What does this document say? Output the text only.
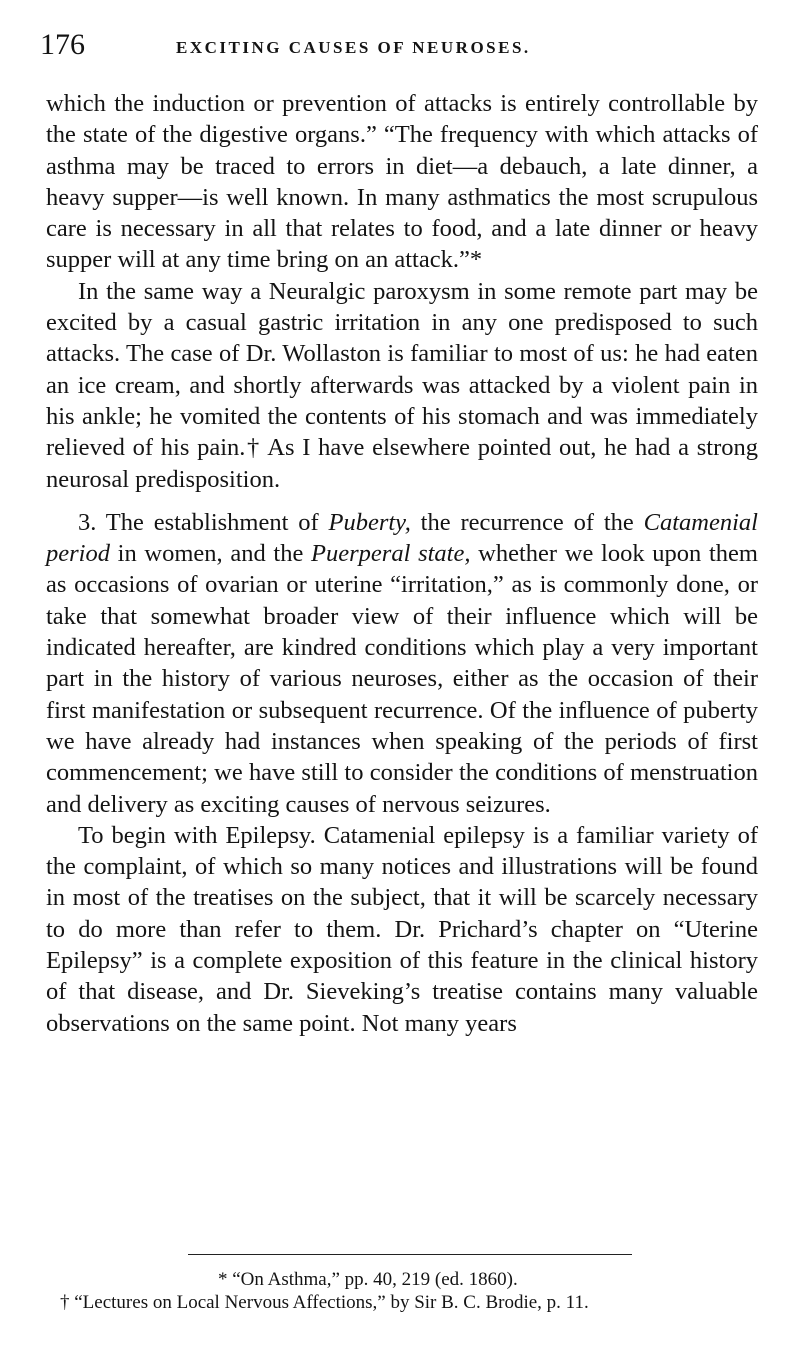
176	EXCITING CAUSES OF NEUROSES.

which the induction or prevention of attacks is entirely controllable by the state of the digestive organs.” “The frequency with which attacks of asthma may be traced to errors in diet—a debauch, a late dinner, a heavy supper—is well known. In many asthmatics the most scrupulous care is necessary in all that relates to food, and a late dinner or heavy supper will at any time bring on an attack.”*

In the same way a Neuralgic paroxysm in some remote part may be excited by a casual gastric irritation in any one predisposed to such attacks. The case of Dr. Wollaston is familiar to most of us: he had eaten an ice cream, and shortly afterwards was attacked by a violent pain in his ankle; he vomited the contents of his stomach and was immediately relieved of his pain.† As I have elsewhere pointed out, he had a strong neurosal predisposition.

3. The establishment of Puberty, the recurrence of the Catamenial period in women, and the Puerperal state, whether we look upon them as occasions of ovarian or uterine “irritation,” as is commonly done, or take that somewhat broader view of their influence which will be indicated hereafter, are kindred conditions which play a very important part in the history of various neuroses, either as the occasion of their first manifestation or subsequent recurrence. Of the influence of puberty we have already had instances when speaking of the periods of first commencement; we have still to consider the conditions of menstruation and delivery as exciting causes of nervous seizures.

To begin with Epilepsy. Catamenial epilepsy is a familiar variety of the complaint, of which so many notices and illustrations will be found in most of the treatises on the subject, that it will be scarcely necessary to do more than refer to them. Dr. Prichard’s chapter on “Uterine Epilepsy” is a complete exposition of this feature in the clinical history of that disease, and Dr. Sieveking’s treatise contains many valuable observations on the same point. Not many years

* “On Asthma,” pp. 40, 219 (ed. 1860).
† “Lectures on Local Nervous Affections,” by Sir B. C. Brodie, p. 11.
